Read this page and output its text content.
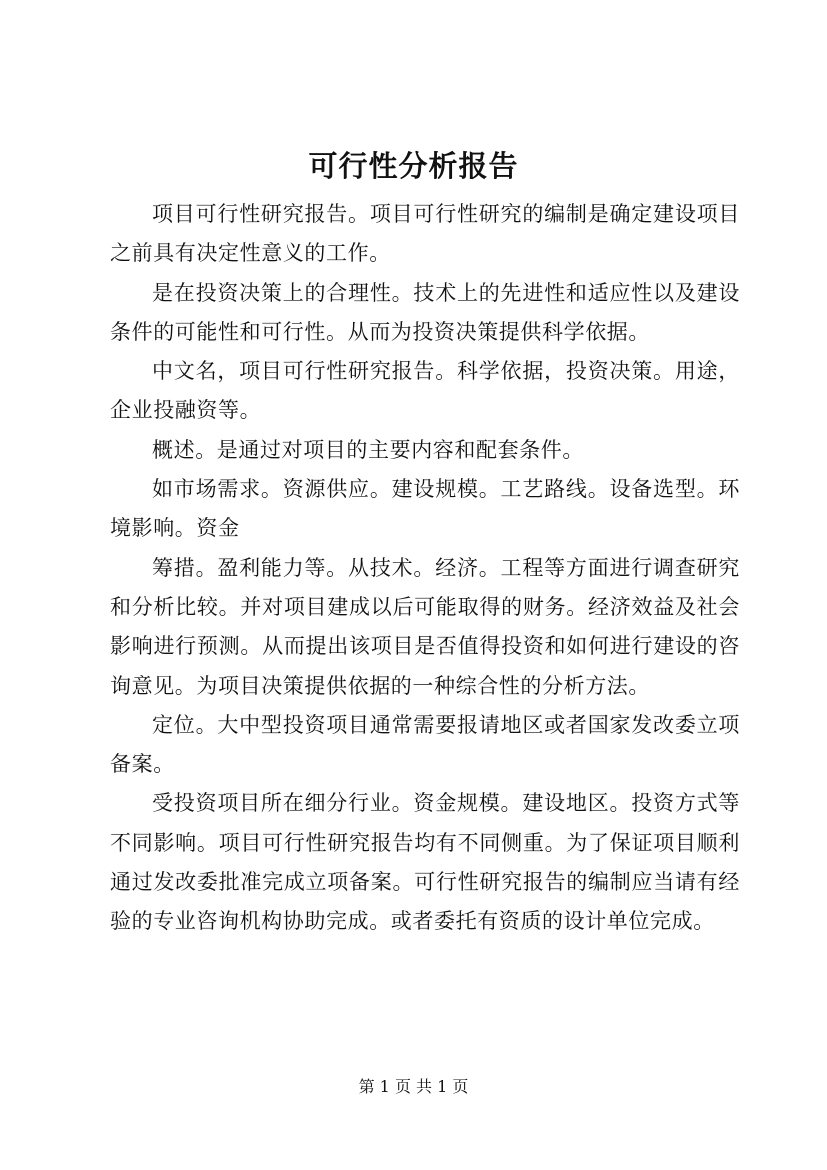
可行性分析报告

项目可行性研究报告。项目可行性研究的编制是确定建设项目之前具有决定性意义的工作。

是在投资决策上的合理性。技术上的先进性和适应性以及建设条件的可能性和可行性。从而为投资决策提供科学依据。

中文名，项目可行性研究报告。科学依据，投资决策。用途，企业投融资等。

概述。是通过对项目的主要内容和配套条件。

如市场需求。资源供应。建设规模。工艺路线。设备选型。环境影响。资金

筹措。盈利能力等。从技术。经济。工程等方面进行调查研究和分析比较。并对项目建成以后可能取得的财务。经济效益及社会影响进行预测。从而提出该项目是否值得投资和如何进行建设的咨询意见。为项目决策提供依据的一种综合性的分析方法。

定位。大中型投资项目通常需要报请地区或者国家发改委立项备案。

受投资项目所在细分行业。资金规模。建设地区。投资方式等不同影响。项目可行性研究报告均有不同侧重。为了保证项目顺利通过发改委批准完成立项备案。可行性研究报告的编制应当请有经验的专业咨询机构协助完成。或者委托有资质的设计单位完成。

第 1 页 共 1 页
